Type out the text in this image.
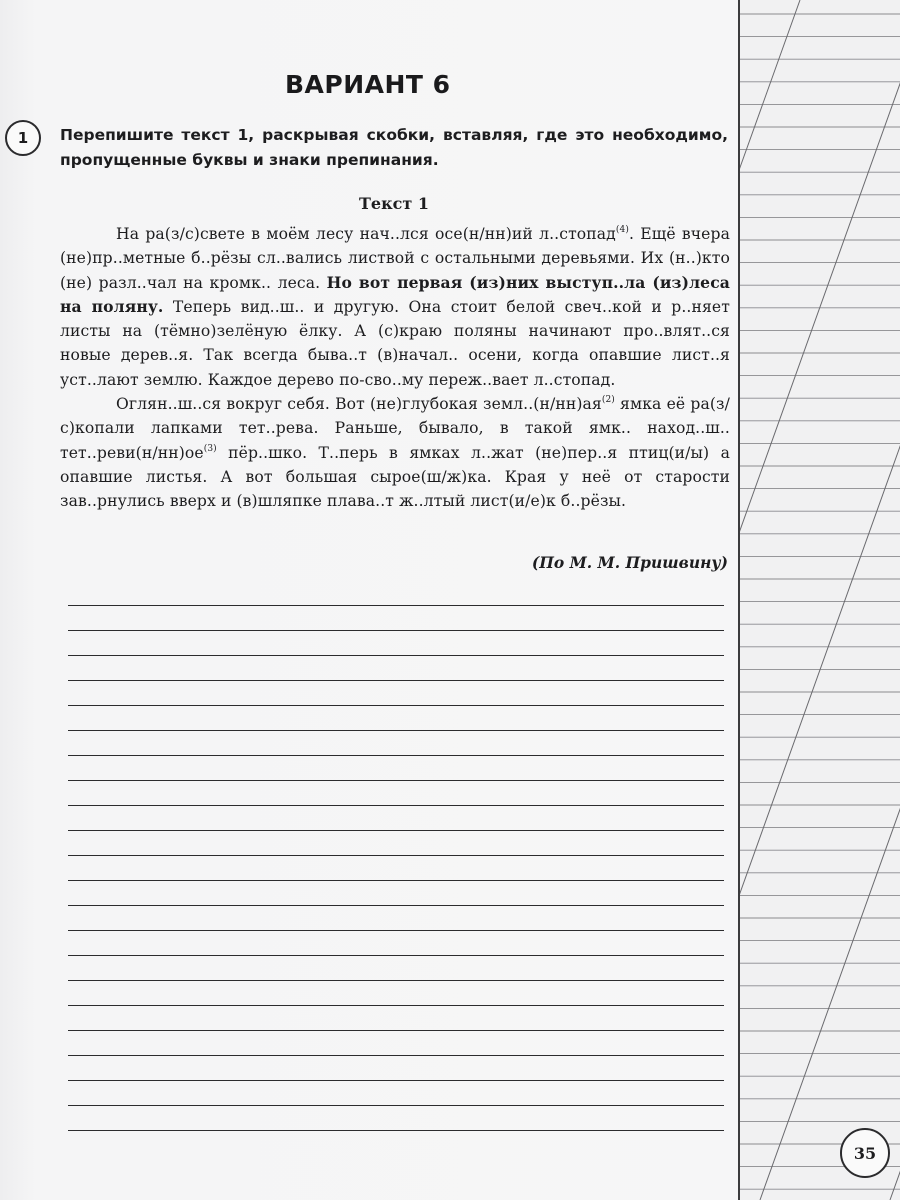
ВАРИАНТ 6
1 Перепишите текст 1, раскрывая скобки, вставляя, где это необходимо, пропущенные буквы и знаки препинания.
Текст 1

На ра(з/с)свете в моём лесу нач..лся осе(н/нн)ий л..стопад$^{(4)}$. Ещё вчера (не)пр..метные б..рёзы сл..вались листвой с остальными деревьями. Их (н..)кто (не) разл..чал на кромк.. леса. Но вот первая (из)них выступ..ла (из)леса на поляну. Теперь вид..ш.. и другую. Она стоит белой свеч..кой и р..няет листы на (тёмно)зелёную ёлку. А (с)краю поляны начинают про..влят..ся новые дерев..я. Так всегда быва..т (в)начал.. осени, когда опавшие лист..я уст..лают землю. Каждое дерево по-сво..му переж..вает л..стопад.

Оглян..ш..ся вокруг себя. Вот (не)глубокая $земл..(н/нн)ая^{(2)}$ ямка её ра(з/с)копали лапками тет..рева. Раньше, бывало, в такой ямк.. наход..ш.. $тет..реви(н/нн)ое^{(3)}$ пёр..шко. Т..перь в ямках л..жат (не)пер..я птиц(и/ы) а опавшие листья. А вот большая сырое(ш/ж)ка. Края у неё от старости зав..рнулись вверх и (в)шляпке плава..т ж..лтый лист(и/е)к б..рёзы.

(По М. М. Пришвину)
35
